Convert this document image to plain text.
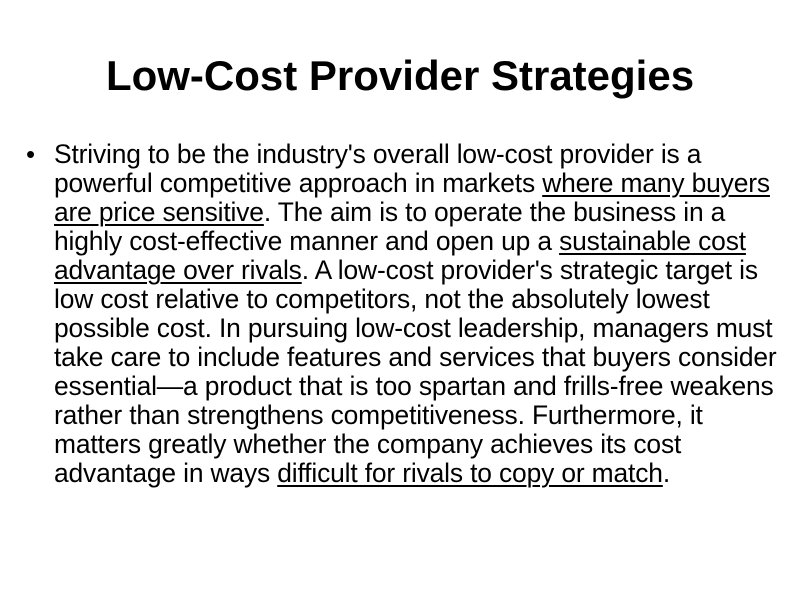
Low-Cost Provider Strategies
• Striving to be the industry's overall low-cost provider is a powerful competitive approach in markets where many buyers are price sensitive. The aim is to operate the business in a highly cost-effective manner and open up a sustainable cost advantage over rivals. A low-cost provider's strategic target is low cost relative to competitors, not the absolutely lowest possible cost. In pursuing low-cost leadership, managers must take care to include features and services that buyers consider essential—a product that is too spartan and frills-free weakens rather than strengthens competitiveness. Furthermore, it matters greatly whether the company achieves its cost advantage in ways difficult for rivals to copy or match.
